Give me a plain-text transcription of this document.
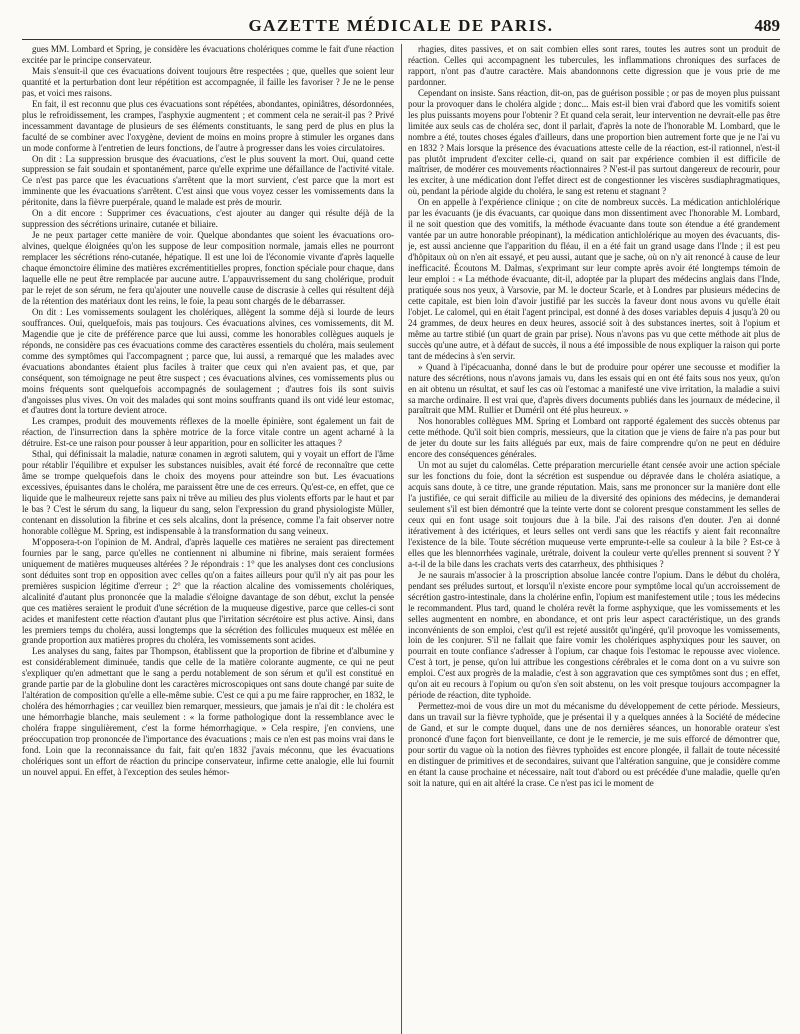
GAZETTE MÉDICALE DE PARIS.	489

gues MM. Lombard et Spring, je considère les évacuations cholériques comme le fait d'une réaction excitée par le principe conservateur.

Mais s'ensuit-il que ces évacuations doivent toujours être respectées ; que, quelles que soient leur quantité et la perturbation dont leur répétition est accompagnée, il faille les favoriser ? Je ne le pense pas, et voici mes raisons.

En fait, il est reconnu que plus ces évacuations sont répétées, abondantes, opiniâtres, désordonnées, plus le refroidissement, les crampes, l'asphyxie augmentent ; et comment cela ne serait-il pas ? Privé incessamment davantage de plusieurs de ses éléments constituants, le sang perd de plus en plus la faculté de se combiner avec l'oxygène, devient de moins en moins propre à stimuler les organes dans un mode conforme à l'entretien de leurs fonctions, de l'autre à progresser dans les voies circulatoires.

On dit : La suppression brusque des évacuations, c'est le plus souvent la mort. Oui, quand cette suppression se fait soudain et spontanément, parce qu'elle exprime une défaillance de l'activité vitale. Ce n'est pas parce que les évacuations s'arrêtent que la mort survient, c'est parce que la mort est imminente que les évacuations s'arrêtent. C'est ainsi que vous voyez cesser les vomissements dans la péritonite, dans la fièvre puerpérale, quand le malade est près de mourir.

On a dit encore : Supprimer ces évacuations, c'est ajouter au danger qui résulte déjà de la suppression des sécrétions urinaire, cutanée et biliaire.

Je ne peux partager cette manière de voir. Quelque abondantes que soient les évacuations oro-alvines, quelque éloignées qu'on les suppose de leur composition normale, jamais elles ne pourront remplacer les sécrétions réno-cutanée, hépatique. Il est une loi de l'économie vivante d'après laquelle chaque émonctoire élimine des matières excrémentitielles propres, fonction spéciale pour chaque, dans laquelle elle ne peut être remplacée par aucune autre. L'appauvrissement du sang cholérique, produit par le rejet de son sérum, ne fera qu'ajouter une nouvelle cause de discrasie à celles qui résultent déjà de la rétention des matériaux dont les reins, le foie, la peau sont chargés de le débarrasser.

On dit : Les vomissements soulagent les cholériques, allègent la somme déjà si lourde de leurs souffrances. Oui, quelquefois, mais pas toujours. Ces évacuations alvines, ces vomissements, dit M. Magendie que je cite de préférence parce que lui aussi, comme les honorables collègues auquels je réponds, ne considère pas ces évacuations comme des caractères essentiels du choléra, mais seulement comme des symptômes qui l'accompagnent ; parce que, lui aussi, a remarqué que les malades avec évacuations abondantes étaient plus faciles à traiter que ceux qui n'en avaient pas, et que, par conséquent, son témoignage ne peut être suspect ; ces évacuations alvines, ces vomissements plus ou moins fréquents sont quelquefois accompagnés de soulagement ; d'autres fois ils sont suivis d'angoisses plus vives. On voit des malades qui sont moins souffrants quand ils ont vidé leur estomac, et d'autres dont la torture devient atroce.

Les crampes, produit des mouvements réflexes de la moelle épinière, sont également un fait de réaction, de l'insurrection dans la sphère motrice de la force vitale contre un agent acharné à la détruire. Est-ce une raison pour pousser à leur apparition, pour en solliciter les attaques ?

Sthal, qui définissait la maladie, naturæ conamen in ægroti salutem, qui y voyait un effort de l'âme pour rétablir l'équilibre et expulser les substances nuisibles, avait été forcé de reconnaître que cette âme se trompe quelquefois dans le choix des moyens pour atteindre son but. Les évacuations excessives, épuisantes dans le choléra, me paraissent être une de ces erreurs. Qu'est-ce, en effet, que ce liquide que le malheureux rejette sans paix ni trêve au milieu des plus violents efforts par le haut et par le bas ? C'est le sérum du sang, la liqueur du sang, selon l'expression du grand physiologiste Müller, contenant en dissolution la fibrine et ces sels alcalins, dont la présence, comme l'a fait observer notre honorable collègue M. Spring, est indispensable à la transformation du sang veineux.

M'opposera-t-on l'opinion de M. Andral, d'après laquelle ces matières ne seraient pas directement fournies par le sang, parce qu'elles ne contiennent ni albumine ni fibrine, mais seraient formées uniquement de matières muqueuses altérées ? Je répondrais : 1° que les analyses dont ces conclusions sont déduites sont trop en opposition avec celles qu'on a faites ailleurs pour qu'il n'y ait pas pour les premières suspicion légitime d'erreur ; 2° que la réaction alcaline des vomissements cholériques, alcalinité d'autant plus prononcée que la maladie s'éloigne davantage de son début, exclut la pensée que ces matières seraient le produit d'une sécrétion de la muqueuse digestive, parce que celles-ci sont acides et manifestent cette réaction d'autant plus que l'irritation sécrétoire est plus active. Ainsi, dans les premiers temps du choléra, aussi longtemps que la sécrétion des follicules muqueux est mêlée en grande proportion aux matières propres du choléra, les vomissements sont acides.

Les analyses du sang, faites par Thompson, établissent que la proportion de fibrine et d'albumine y est considérablement diminuée, tandis que celle de la matière colorante augmente, ce qui ne peut s'expliquer qu'en admettant que le sang a perdu notablement de son sérum et qu'il est constitué en grande partie par de la globuline dont les caractères microscopiques ont sans doute changé par suite de l'altération de composition qu'elle a elle-même subie. C'est ce qui a pu me faire rapprocher, en 1832, le choléra des hémorrhagies ; car veuillez bien remarquer, messieurs, que jamais je n'ai dit : le choléra est une hémorrhagie blanche, mais seulement : « la forme pathologique dont la ressemblance avec le choléra frappe singulièrement, c'est la forme hémorrhagique. » Cela respire, j'en conviens, une préoccupation trop prononcée de l'importance des évacuations ; mais ce n'en est pas moins vrai dans le fond. Loin que la reconnaissance du fait, fait qu'en 1832 j'avais méconnu, que les évacuations cholériques sont un effort de réaction du principe conservateur, infirme cette analogie, elle lui fournit un nouvel appui. En effet, à l'exception des seules hémor-

rhagies, dites passives, et on sait combien elles sont rares, toutes les autres sont un produit de réaction. Celles qui accompagnent les tubercules, les inflammations chroniques des surfaces de rapport, n'ont pas d'autre caractère. Mais abandonnons cette digression que je vous prie de me pardonner.

Cependant on insiste. Sans réaction, dit-on, pas de guérison possible ; or pas de moyen plus puissant pour la provoquer dans le choléra algide ; donc... Mais est-il bien vrai d'abord que les vomitifs soient les plus puissants moyens pour l'obtenir ? Et quand cela serait, leur intervention ne devrait-elle pas être limitée aux seuls cas de choléra sec, dont il parlait, d'après la note de l'honorable M. Lombard, que le nombre a été, toutes choses égales d'ailleurs, dans une proportion bien autrement forte que je ne l'ai vu en 1832 ? Mais lorsque la présence des évacuations atteste celle de la réaction, est-il rationnel, n'est-il pas plutôt imprudent d'exciter celle-ci, quand on sait par expérience combien il est difficile de maîtriser, de modérer ces mouvements réactionnaires ? N'est-il pas surtout dangereux de recourir, pour les exciter, à une médication dont l'effet direct est de congestionner les viscères susdiaphragmatiques, où, pendant la période algide du choléra, le sang est retenu et stagnant ?

On en appelle à l'expérience clinique ; on cite de nombreux succès. La médication antichlolérique par les évacuants (je dis évacuants, car quoique dans mon dissentiment avec l'honorable M. Lombard, il ne soit question que des vomitifs, la méthode évacuante dans toute son étendue a été grandement vantée par un autre honorable préopinant), la médication antichlolérique au moyen des évacuants, dis-je, est aussi ancienne que l'apparition du fléau, il en a été fait un grand usage dans l'Inde ; il est peu d'hôpitaux où on n'en ait essayé, et peu aussi, autant que je sache, où on n'y ait renoncé à cause de leur inefficacité. Écoutons M. Dalmas, s'exprimant sur leur compte après avoir été longtemps témoin de leur emploi : « La méthode évacuante, dit-il, adoptée par la plupart des médecins anglais dans l'Inde, pratiquée sous nos yeux, à Varsovie, par M. le docteur Scarle, et à Londres par plusieurs médecins de cette capitale, est bien loin d'avoir justifié par les succès la faveur dont nous avons vu qu'elle était l'objet. Le calomel, qui en était l'agent principal, est donné à des doses variables depuis 4 jusqu'à 20 ou 24 grammes, de deux heures en deux heures, associé soit à des substances inertes, soit à l'opium et même au tartre stibié (un quart de grain par prise). Nous n'avons pas vu que cette méthode ait plus de succès qu'une autre, et à défaut de succès, il nous a été impossible de nous expliquer la raison qui porte tant de médecins à s'en servir.

» Quand à l'ipécacuanha, donné dans le but de produire pour opérer une secousse et modifier la nature des sécrétions, nous n'avons jamais vu, dans les essais qui en ont été faits sous nos yeux, qu'on en ait obtenu un résultat, et sauf les cas où l'estomac a manifesté une vive irritation, la maladie a suivi sa marche ordinaire. Il est vrai que, d'après divers documents publiés dans les journaux de médecine, il paraîtrait que MM. Rullier et Duméril ont été plus heureux. »

Nos honorables collègues MM. Spring et Lombard ont rapporté également des succès obtenus par cette méthode. Qu'il soit bien compris, messieurs, que la citation que je viens de faire n'a pas pour but de jeter du doute sur les faits allégués par eux, mais de faire comprendre qu'on ne peut en déduire encore des conséquences générales.

Un mot au sujet du calomélas. Cette préparation mercurielle étant censée avoir une action spéciale sur les fonctions du foie, dont la sécrétion est suspendue ou dépravée dans le choléra asiatique, a acquis sans doute, à ce titre, une grande réputation. Mais, sans me prononcer sur la manière dont elle l'a justifiée, ce qui serait difficile au milieu de la diversité des opinions des médecins, je demanderai seulement s'il est bien démontré que la teinte verte dont se colorent presque constamment les selles de ceux qui en font usage soit toujours due à la bile. J'ai des raisons d'en douter. J'en ai donné itérativement à des ictériques, et leurs selles ont verdi sans que les réactifs y aient fait reconnaître l'existence de la bile. Toute sécrétion muqueuse verte emprunte-t-elle sa couleur à la bile ? Est-ce à elles que les blennorrhées vaginale, urétrale, doivent la couleur verte qu'elles prennent si souvent ? Y a-t-il de la bile dans les crachats verts des catarrheux, des phthisiques ?

Je ne saurais m'associer à la proscription absolue lancée contre l'opium. Dans le début du choléra, pendant ses préludes surtout, et lorsqu'il n'existe encore pour symptôme local qu'un accroissement de sécrétion gastro-intestinale, dans la cholérine enfin, l'opium est manifestement utile ; tous les médecins le recommandent. Plus tard, quand le choléra revêt la forme asphyxique, que les vomissements et les selles augmentent en nombre, en abondance, et ont pris leur aspect caractéristique, un des grands inconvénients de son emploi, c'est qu'il est rejeté aussitôt qu'ingéré, qu'il provoque les vomissements, loin de les conjurer. S'il ne fallait que faire vomir les cholériques asphyxiques pour les sauver, on pourrait en toute confiance s'adresser à l'opium, car chaque fois l'estomac le repousse avec violence. C'est à tort, je pense, qu'on lui attribue les congestions cérébrales et le coma dont on a vu suivre son emploi. C'est aux progrès de la maladie, c'est à son aggravation que ces symptômes sont dus ; en effet, qu'on ait eu recours à l'opium ou qu'on s'en soit abstenu, on les voit presque toujours accompagner la période de réaction, dite typhoïde.

Permettez-moi de vous dire un mot du mécanisme du développement de cette période. Messieurs, dans un travail sur la fièvre typhoïde, que je présentai il y a quelques années à la Société de médecine de Gand, et sur le compte duquel, dans une de nos dernières séances, un honorable orateur s'est prononcé d'une façon fort bienveillante, ce dont je le remercie, je me suis efforcé de démontrer que, pour sortir du vague où la notion des fièvres typhoïdes est encore plongée, il fallait de toute nécessité en distinguer de primitives et de secondaires, suivant que l'altération sanguine, que je considère comme en étant la cause prochaine et nécessaire, naît tout d'abord ou est précédée d'une maladie, quelle qu'en soit la nature, qui en ait altéré la crase. Ce n'est pas ici le moment de
